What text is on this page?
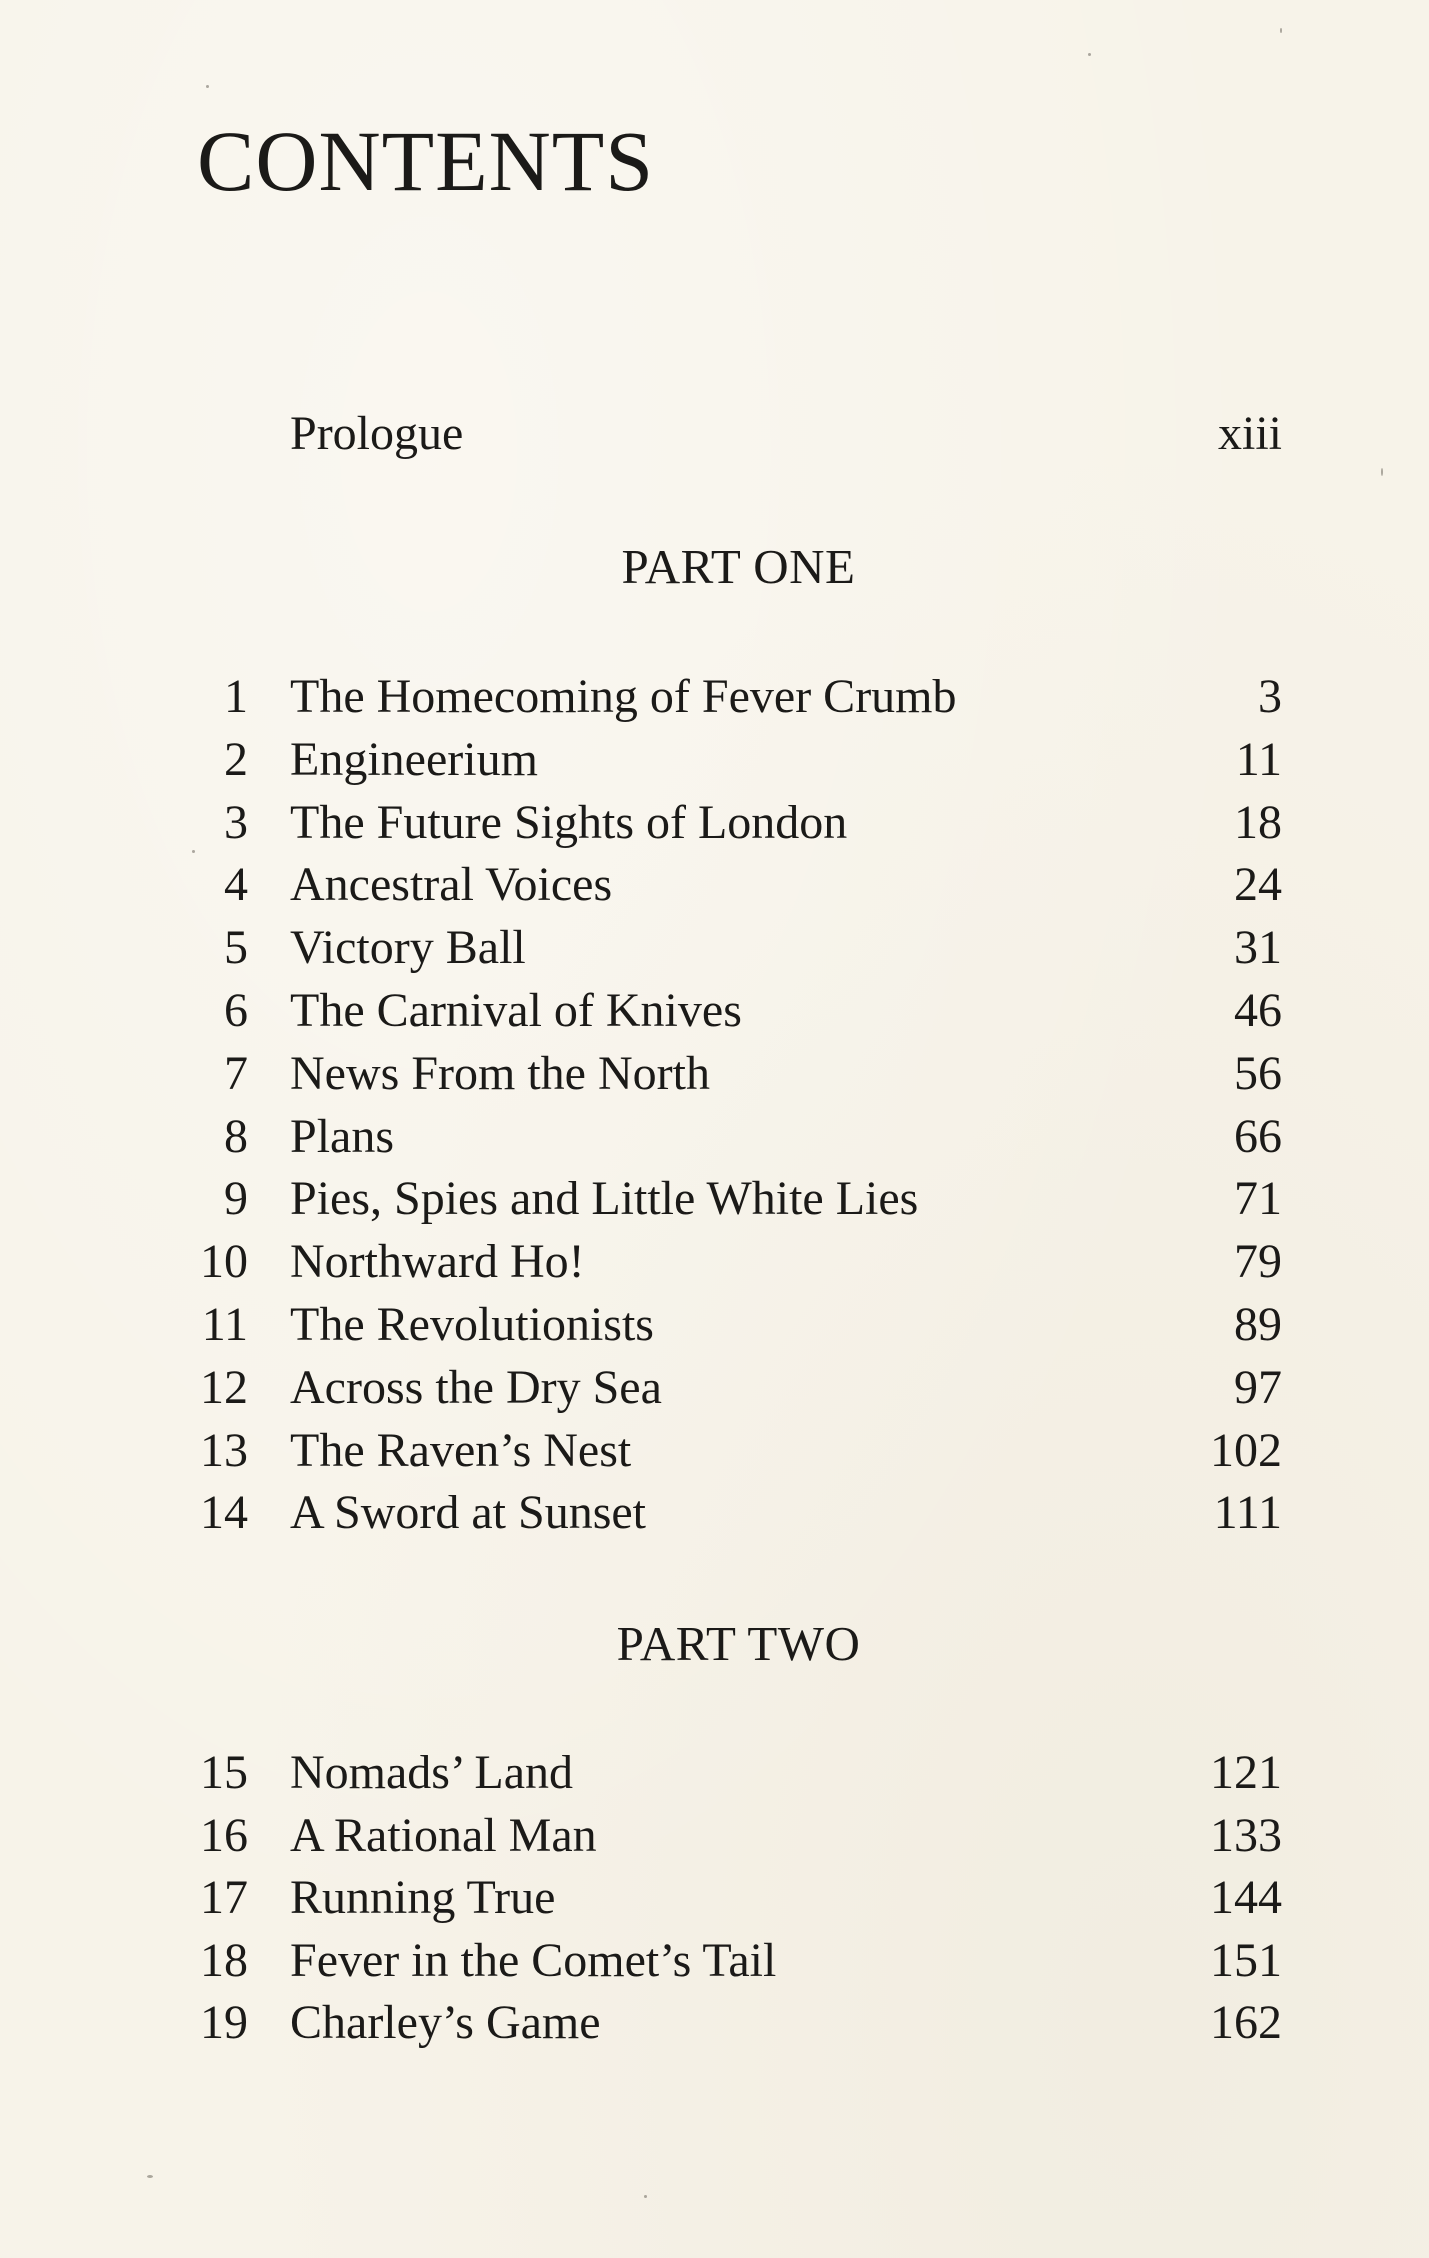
CONTENTS
Prologue	xiii
PART ONE
1 The Homecoming of Fever Crumb	3
2 Engineerium	11
3 The Future Sights of London	18
4 Ancestral Voices	24
5 Victory Ball	31
6 The Carnival of Knives	46
7 News From the North	56
8 Plans	66
9 Pies, Spies and Little White Lies	71
10 Northward Ho!	79
11 The Revolutionists	89
12 Across the Dry Sea	97
13 The Raven’s Nest	102
14 A Sword at Sunset	111
PART TWO
15 Nomads’ Land	121
16 A Rational Man	133
17 Running True	144
18 Fever in the Comet’s Tail	151
19 Charley’s Game	162
